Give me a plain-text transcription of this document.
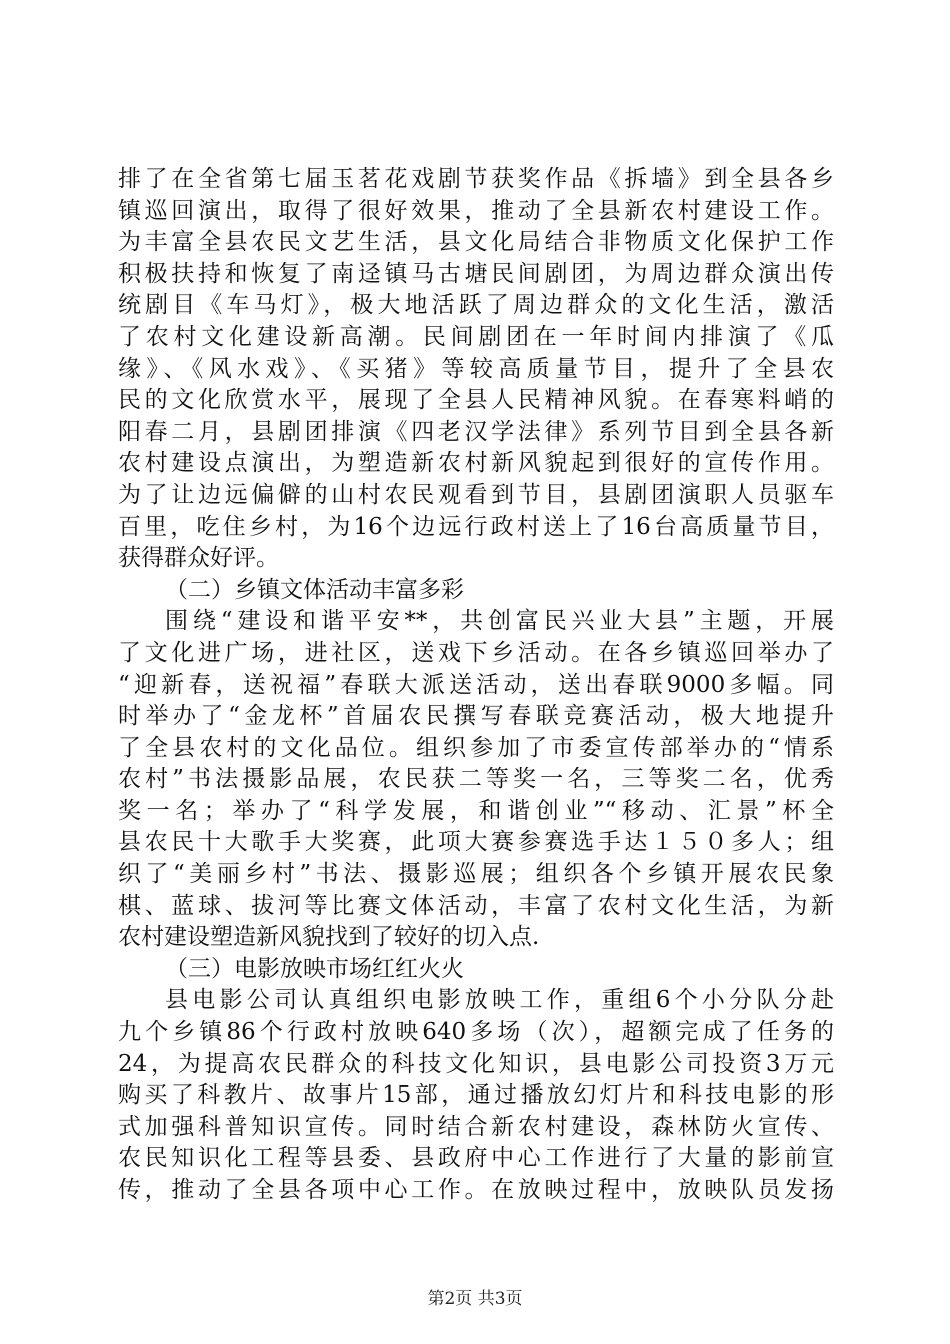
排了在全省第七届玉茗花戏剧节获奖作品《拆墙》到全县各乡
镇巡回演出，取得了很好效果，推动了全县新农村建设工作。
为丰富全县农民文艺生活，县文化局结合非物质文化保护工作
积极扶持和恢复了南迳镇马古塘民间剧团，为周边群众演出传
统剧目《车马灯》，极大地活跃了周边群众的文化生活，激活
了农村文化建设新高潮。民间剧团在一年时间内排演了《瓜
缘》、《风水戏》、《买猪》等较高质量节目，提升了全县农
民的文化欣赏水平，展现了全县人民精神风貌。在春寒料峭的
阳春二月，县剧团排演《四老汉学法律》系列节目到全县各新
农村建设点演出，为塑造新农村新风貌起到很好的宣传作用。
为了让边远偏僻的山村农民观看到节目，县剧团演职人员驱车
百里，吃住乡村，为16个边远行政村送上了16台高质量节目，
获得群众好评。
（二）乡镇文体活动丰富多彩
围绕“建设和谐平安**，共创富民兴业大县”主题，开展
了文化进广场，进社区，送戏下乡活动。在各乡镇巡回举办了
“迎新春，送祝福”春联大派送活动，送出春联9000多幅。同
时举办了“金龙杯”首届农民撰写春联竞赛活动，极大地提升
了全县农村的文化品位。组织参加了市委宣传部举办的“情系
农村”书法摄影品展，农民获二等奖一名，三等奖二名，优秀
奖一名；举办了“科学发展，和谐创业”“移动、汇景”杯全
县农民十大歌手大奖赛，此项大赛参赛选手达１５０多人；组
织了“美丽乡村”书法、摄影巡展；组织各个乡镇开展农民象
棋、蓝球、拔河等比赛文体活动，丰富了农村文化生活，为新
农村建设塑造新风貌找到了较好的切入点.
（三）电影放映市场红红火火
县电影公司认真组织电影放映工作，重组6个小分队分赴
九个乡镇86个行政村放映640多场（次），超额完成了任务的
24，为提高农民群众的科技文化知识，县电影公司投资3万元
购买了科教片、故事片15部，通过播放幻灯片和科技电影的形
式加强科普知识宣传。同时结合新农村建设，森林防火宣传、
农民知识化工程等县委、县政府中心工作进行了大量的影前宣
传，推动了全县各项中心工作。在放映过程中，放映队员发扬
第2页 共3页
